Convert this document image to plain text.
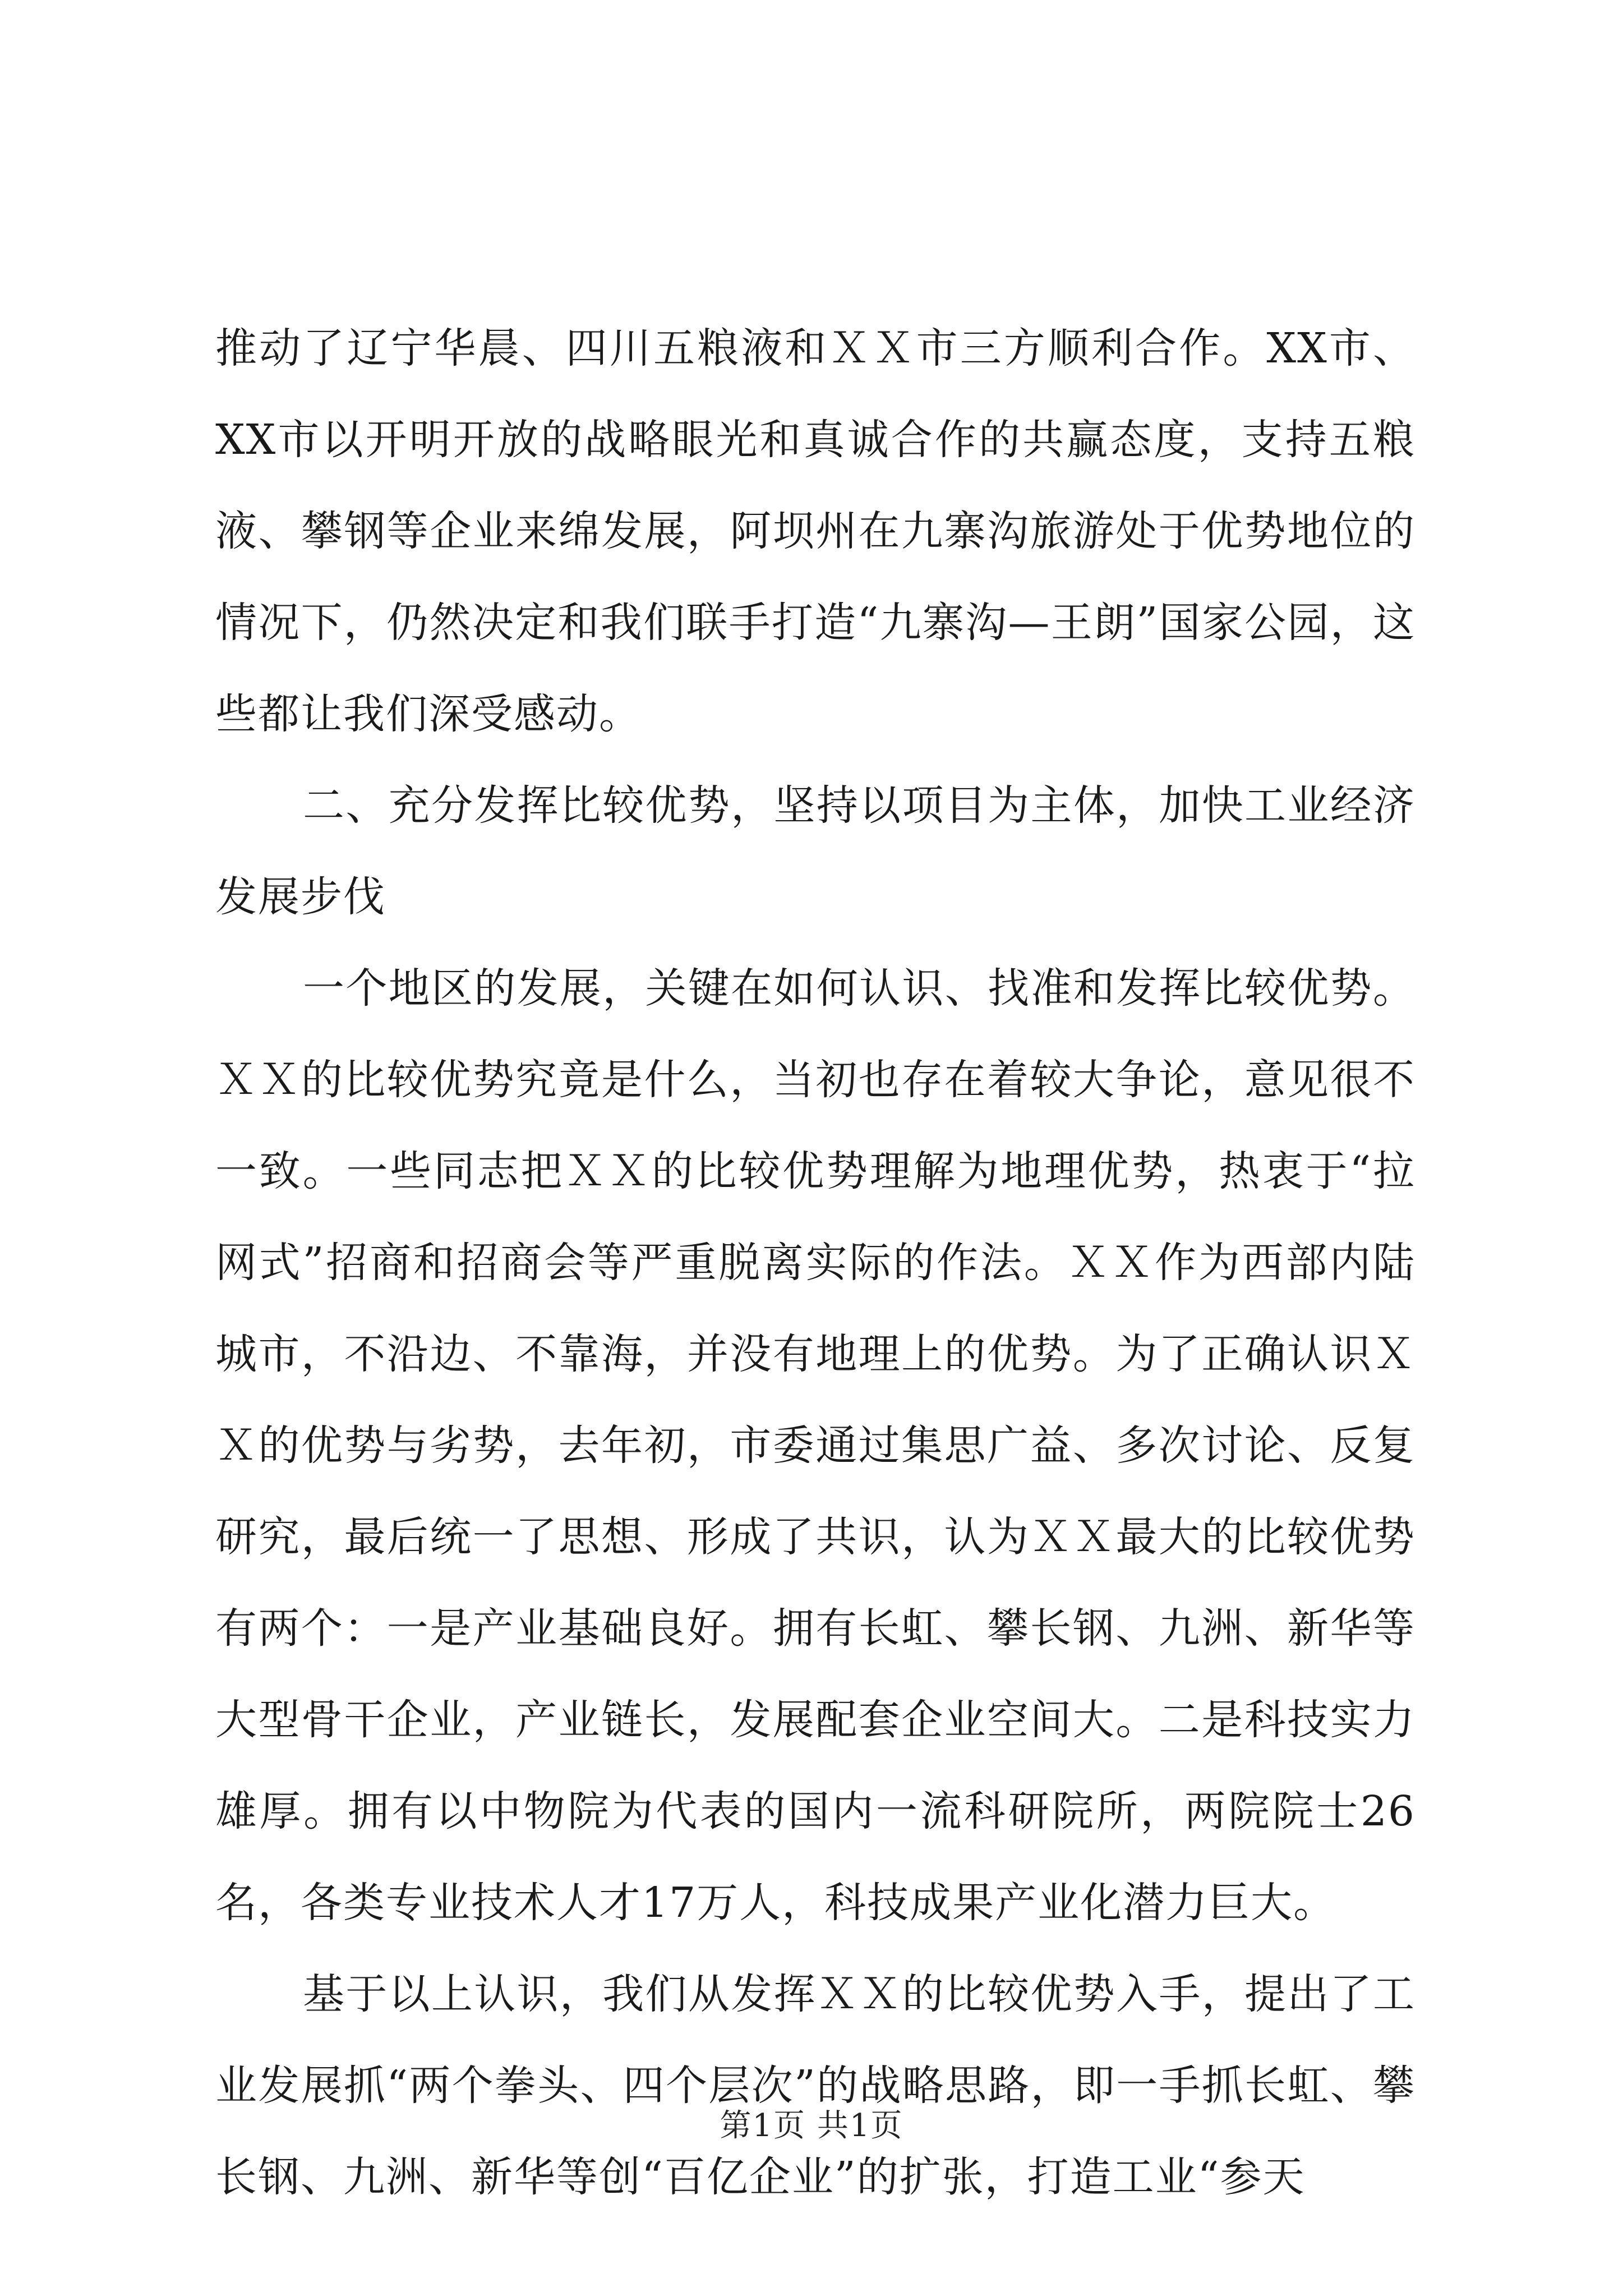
推动了辽宁华晨、四川五粮液和ＸＸ市三方顺利合作。XX市、XX市以开明开放的战略眼光和真诚合作的共赢态度，支持五粮液、攀钢等企业来绵发展，阿坝州在九寨沟旅游处于优势地位的情况下，仍然决定和我们联手打造“九寨沟—王朗”国家公园，这些都让我们深受感动。

二、充分发挥比较优势，坚持以项目为主体，加快工业经济发展步伐

一个地区的发展，关键在如何认识、找准和发挥比较优势。ＸＸ的比较优势究竟是什么，当初也存在着较大争论，意见很不一致。一些同志把ＸＸ的比较优势理解为地理优势，热衷于“拉网式”招商和招商会等严重脱离实际的作法。ＸＸ作为西部内陆城市，不沿边、不靠海，并没有地理上的优势。为了正确认识ＸＸ的优势与劣势，去年初，市委通过集思广益、多次讨论、反复研究，最后统一了思想、形成了共识，认为ＸＸ最大的比较优势有两个：一是产业基础良好。拥有长虹、攀长钢、九洲、新华等大型骨干企业，产业链长，发展配套企业空间大。二是科技实力雄厚。拥有以中物院为代表的国内一流科研院所，两院院士26名，各类专业技术人才17万人，科技成果产业化潜力巨大。

基于以上认识，我们从发挥ＸＸ的比较优势入手，提出了工业发展抓“两个拳头、四个层次”的战略思路，即一手抓长虹、攀长钢、九洲、新华等创“百亿企业”的扩张，打造工业“参天

第1页 共1页
